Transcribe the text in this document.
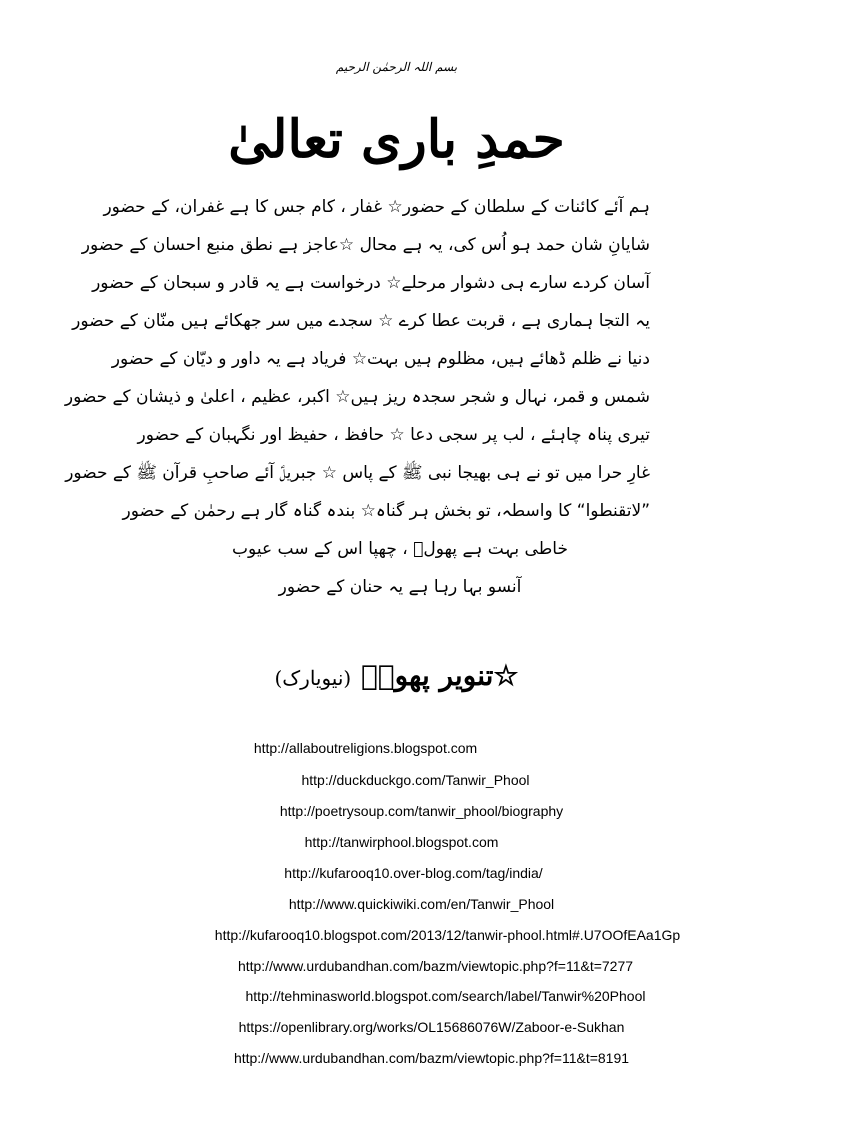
بسم اللہ الرحمٰن الرحیم
حمدِ باری تعالیٰ
ہم آئے کائنات کے سلطان کے حضور☆ غفار ، کام جس کا ہے غفران، کے حضور
شایانِ شان حمد ہو اُس کی، یہ ہے محال ☆عاجز ہے نطق منبع احسان کے حضور
آسان کردے سارے ہی دشوار مرحلے☆ درخواست ہے یہ قادر و سبحان کے حضور
یہ التجا ہماری ہے ، قربت عطا کرے ☆ سجدے میں سر جھکائے ہیں منّان کے حضور
دنیا نے ظلم ڈھائے ہیں، مظلوم ہیں بہت☆ فریاد ہے یہ داور و دیّان کے حضور
شمس و قمر، نہال و شجر سجدہ ریز ہیں☆ اکبر، عظیم ، اعلیٰ و ذیشان کے حضور
تیری پناہ چاہئے ، لب پر سجی دعا ☆ حافظ ، حفیظ اور نگہبان کے حضور
غارِ حرا میں تو نے ہی بھیجا نبی ﷺ کے پاس ☆ جبریلؑ آئے صاحبِ قرآن ﷺ کے حضور
”لاتقنطوا“ کا واسطہ، تو بخش ہر گناہ☆ بندہ گناہ گار ہے رحمٰن کے حضور
خاطی بہت ہے پھولؔ ، چھپا اس کے سب عیوب
آنسو بہا رہا ہے یہ حنان کے حضور
☆تنویر پھولؔ (نیویارک)
http://allaboutreligions.blogspot.com
http://duckduckgo.com/Tanwir_Phool
http://poetrysoup.com/tanwir_phool/biography
http://tanwirphool.blogspot.com
http://kufarooq10.over-blog.com/tag/india/
http://www.quickiwiki.com/en/Tanwir_Phool
http://kufarooq10.blogspot.com/2013/12/tanwir-phool.html#.U7OOfEAa1Gp
http://www.urdubandhan.com/bazm/viewtopic.php?f=11&t=7277
http://tehminasworld.blogspot.com/search/label/Tanwir%20Phool
https://openlibrary.org/works/OL15686076W/Zaboor-e-Sukhan
http://www.urdubandhan.com/bazm/viewtopic.php?f=11&t=8191
